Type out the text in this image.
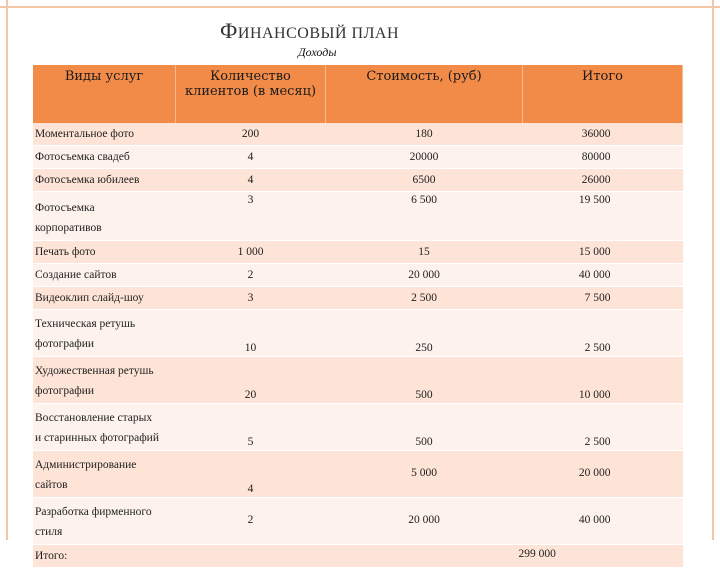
ФИНАНСОВЫЙ ПЛАН
Доходы
Виды услуг	Количество клиентов (в месяц)	Стоимость, (руб)	Итого

Моментальное фото	200	180	36000

Фотосъемка свадеб	4	20000	80000

Фотосъемка юбилеев	4	6500	26000

Фотосъемка
корпоративов	3	6 500	19 500

Печать фото	1 000	15	15 000

Создание сайтов	2	20 000	40 000

Видеоклип слайд-шоу	3	2 500	7 500

Техническая ретушь
фотографии	10	250	2 500

Художественная ретушь
фотографии	20	500	10 000

Восстановление старых
и старинных фотографий	5	500	2 500

Администрирование
сайтов	4	5 000	20 000

Разработка фирменного
стиля	2	20 000	40 000
Итого:			299 000
